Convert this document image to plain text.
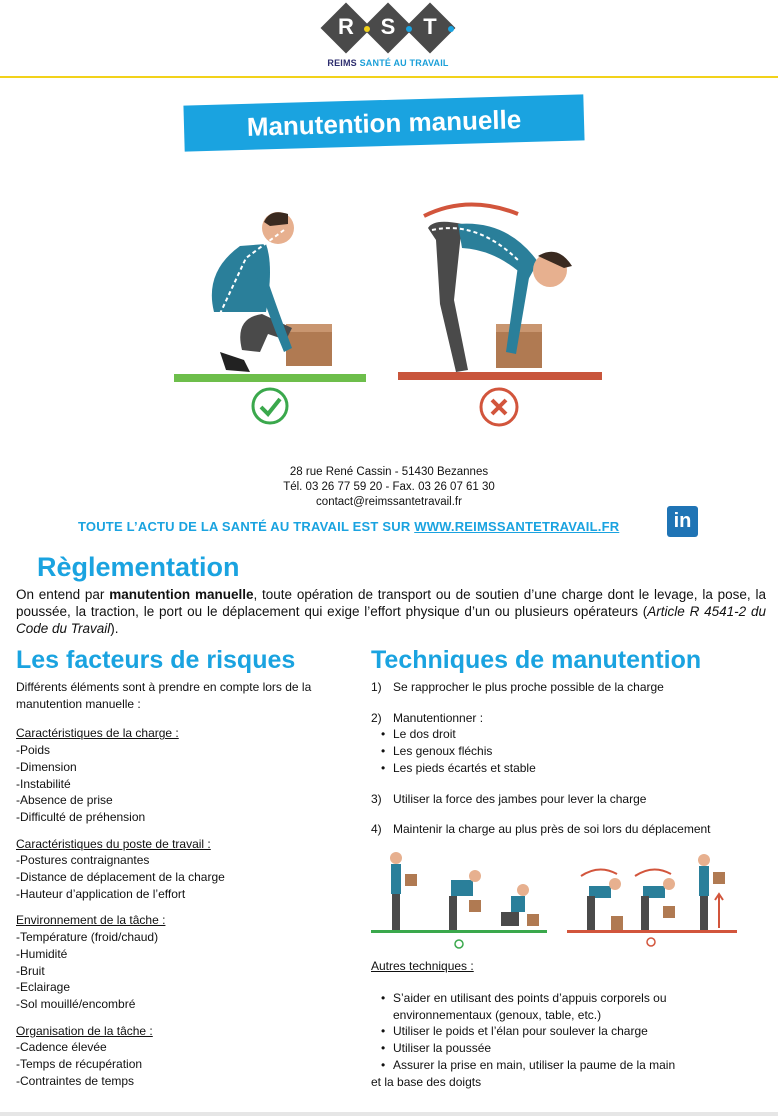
R	S	T
REIMS SANTÉ AU TRAVAIL
Manutention manuelle
28 rue René Cassin - 51430 Bezannes
Tél. 03 26 77 59 20 - Fax. 03 26 07 61 30
contact@reimssantetravail.fr
TOUTE L’ACTU DE LA SANTÉ AU TRAVAIL EST SUR WWW.REIMSSANTETRAVAIL.FR	in
Règlementation
On entend par manutention manuelle, toute opération de transport ou de soutien d’une charge dont le levage, la pose, la poussée, la traction, le port ou le déplacement qui exige l’effort physique d’un ou plusieurs opérateurs (Article R 4541-2 du Code du Travail).
Les facteurs de risques
Différents éléments sont à prendre en compte lors de la manutention manuelle :
Caractéristiques de la charge :
-Poids
-Dimension
-Instabilité
-Absence de prise
-Difficulté de préhension
Caractéristiques du poste de travail :
-Postures contraignantes
-Distance de déplacement de la charge
-Hauteur d’application de l’effort
Environnement de la tâche :
-Température (froid/chaud)
-Humidité
-Bruit
-Eclairage
-Sol mouillé/encombré
Organisation de la tâche :
-Cadence élevée
-Temps de récupération
-Contraintes de temps
Techniques de manutention
1) Se rapprocher le plus proche possible de la charge
2) Manutentionner :
• Le dos droit
• Les genoux fléchis
• Les pieds écartés et stable
3) Utiliser la force des jambes pour lever la charge
4) Maintenir la charge au plus près de soi lors du déplacement
Autres techniques :
• S’aider en utilisant des points d’appuis corporels ou environnementaux (genoux, table, etc.)
• Utiliser le poids et l’élan pour soulever la charge
• Utiliser la poussée
• Assurer la prise en main, utiliser la paume de la main
et la base des doigts
